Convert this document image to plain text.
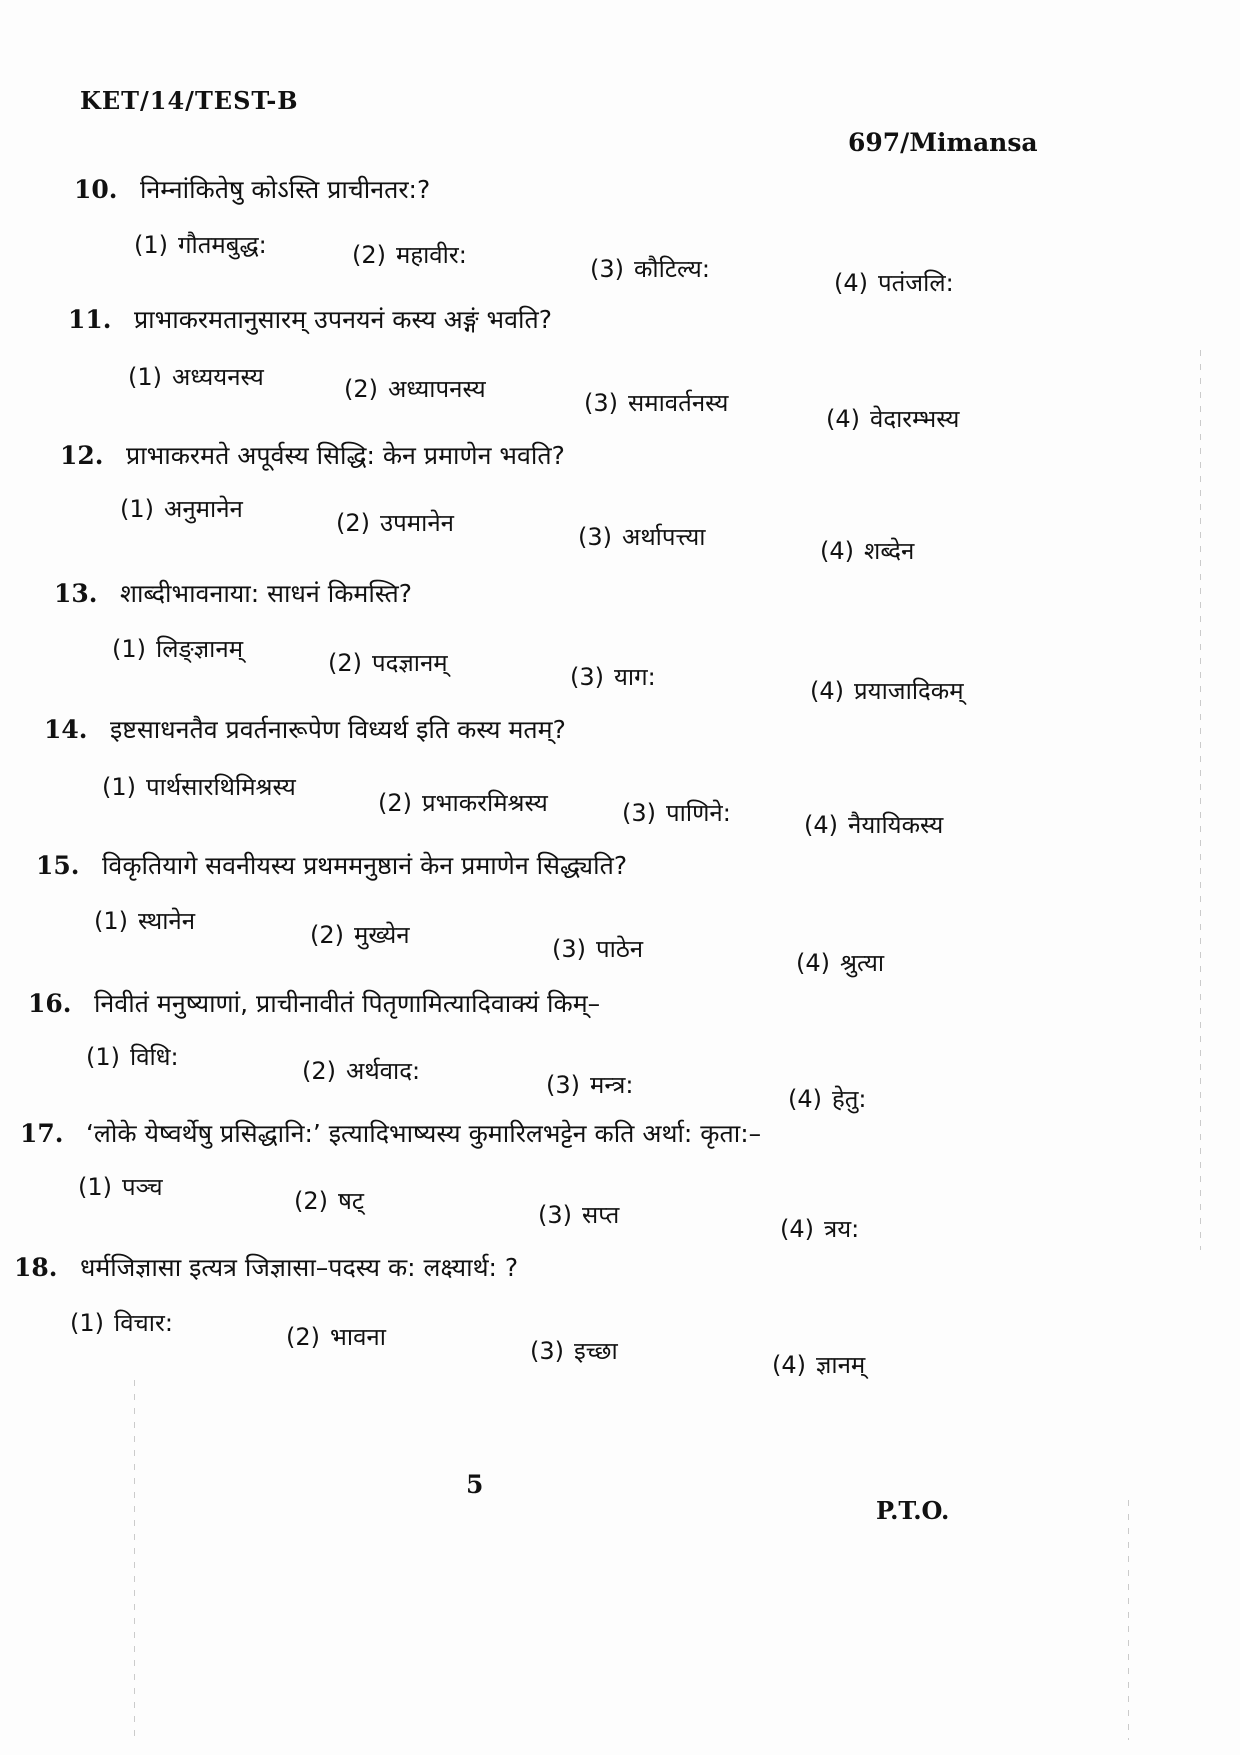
KET/14/TEST-B
697/Mimansa
10. निम्नांकितेषु कोऽस्ति प्राचीनतर:?
(1) गौतमबुद्ध:	(2) महावीर:	(3) कौटिल्य:	(4) पतंजलि:
11. प्राभाकरमतानुसारम् उपनयनं कस्य अङ्गं भवति?
(1) अध्ययनस्य	(2) अध्यापनस्य	(3) समावर्तनस्य
(4) वेदारम्भस्य
12. प्राभाकरमते अपूर्वस्य सिद्धि: केन प्रमाणेन भवति?
(1) अनुमानेन	(2) उपमानेन	(3) अर्थापत्त्या	(4) शब्देन
13. शाब्दीभावनाया: साधनं किमस्ति?
(1) लिङ्ज्ञानम्	(2) पदज्ञानम्	(3) याग:	(4) प्रयाजादिकम्
14. इष्टसाधनतैव प्रवर्तनारूपेण विध्यर्थ इति कस्य मतम्?
(1) पार्थसारथिमिश्रस्य
(2) प्रभाकरमिश्रस्य	(3) पाणिने:	(4) नैयायिकस्य
15. विकृतियागे सवनीयस्य प्रथममनुष्ठानं केन प्रमाणेन सिद्ध्यति?
(1) स्थानेन	(2) मुख्येन	(3) पाठेन	(4) श्रुत्या
16. निवीतं मनुष्याणां, प्राचीनावीतं पितृणामित्यादिवाक्यं किम्–
(1) विधि:	(2) अर्थवाद:	(3) मन्त्र:	(4) हेतु:
17. ‘लोके येष्वर्थेषु प्रसिद्धानि:’ इत्यादिभाष्यस्य कुमारिलभट्टेन कति अर्था: कृता:–
(1) पञ्च	(2) षट्	(3) सप्त	(4) त्रय:
18. धर्मजिज्ञासा इत्यत्र जिज्ञासा–पदस्य क: लक्ष्यार्थ: ?
(1) विचार:	(2) भावना	(3) इच्छा	(4) ज्ञानम्
5
P.T.O.
